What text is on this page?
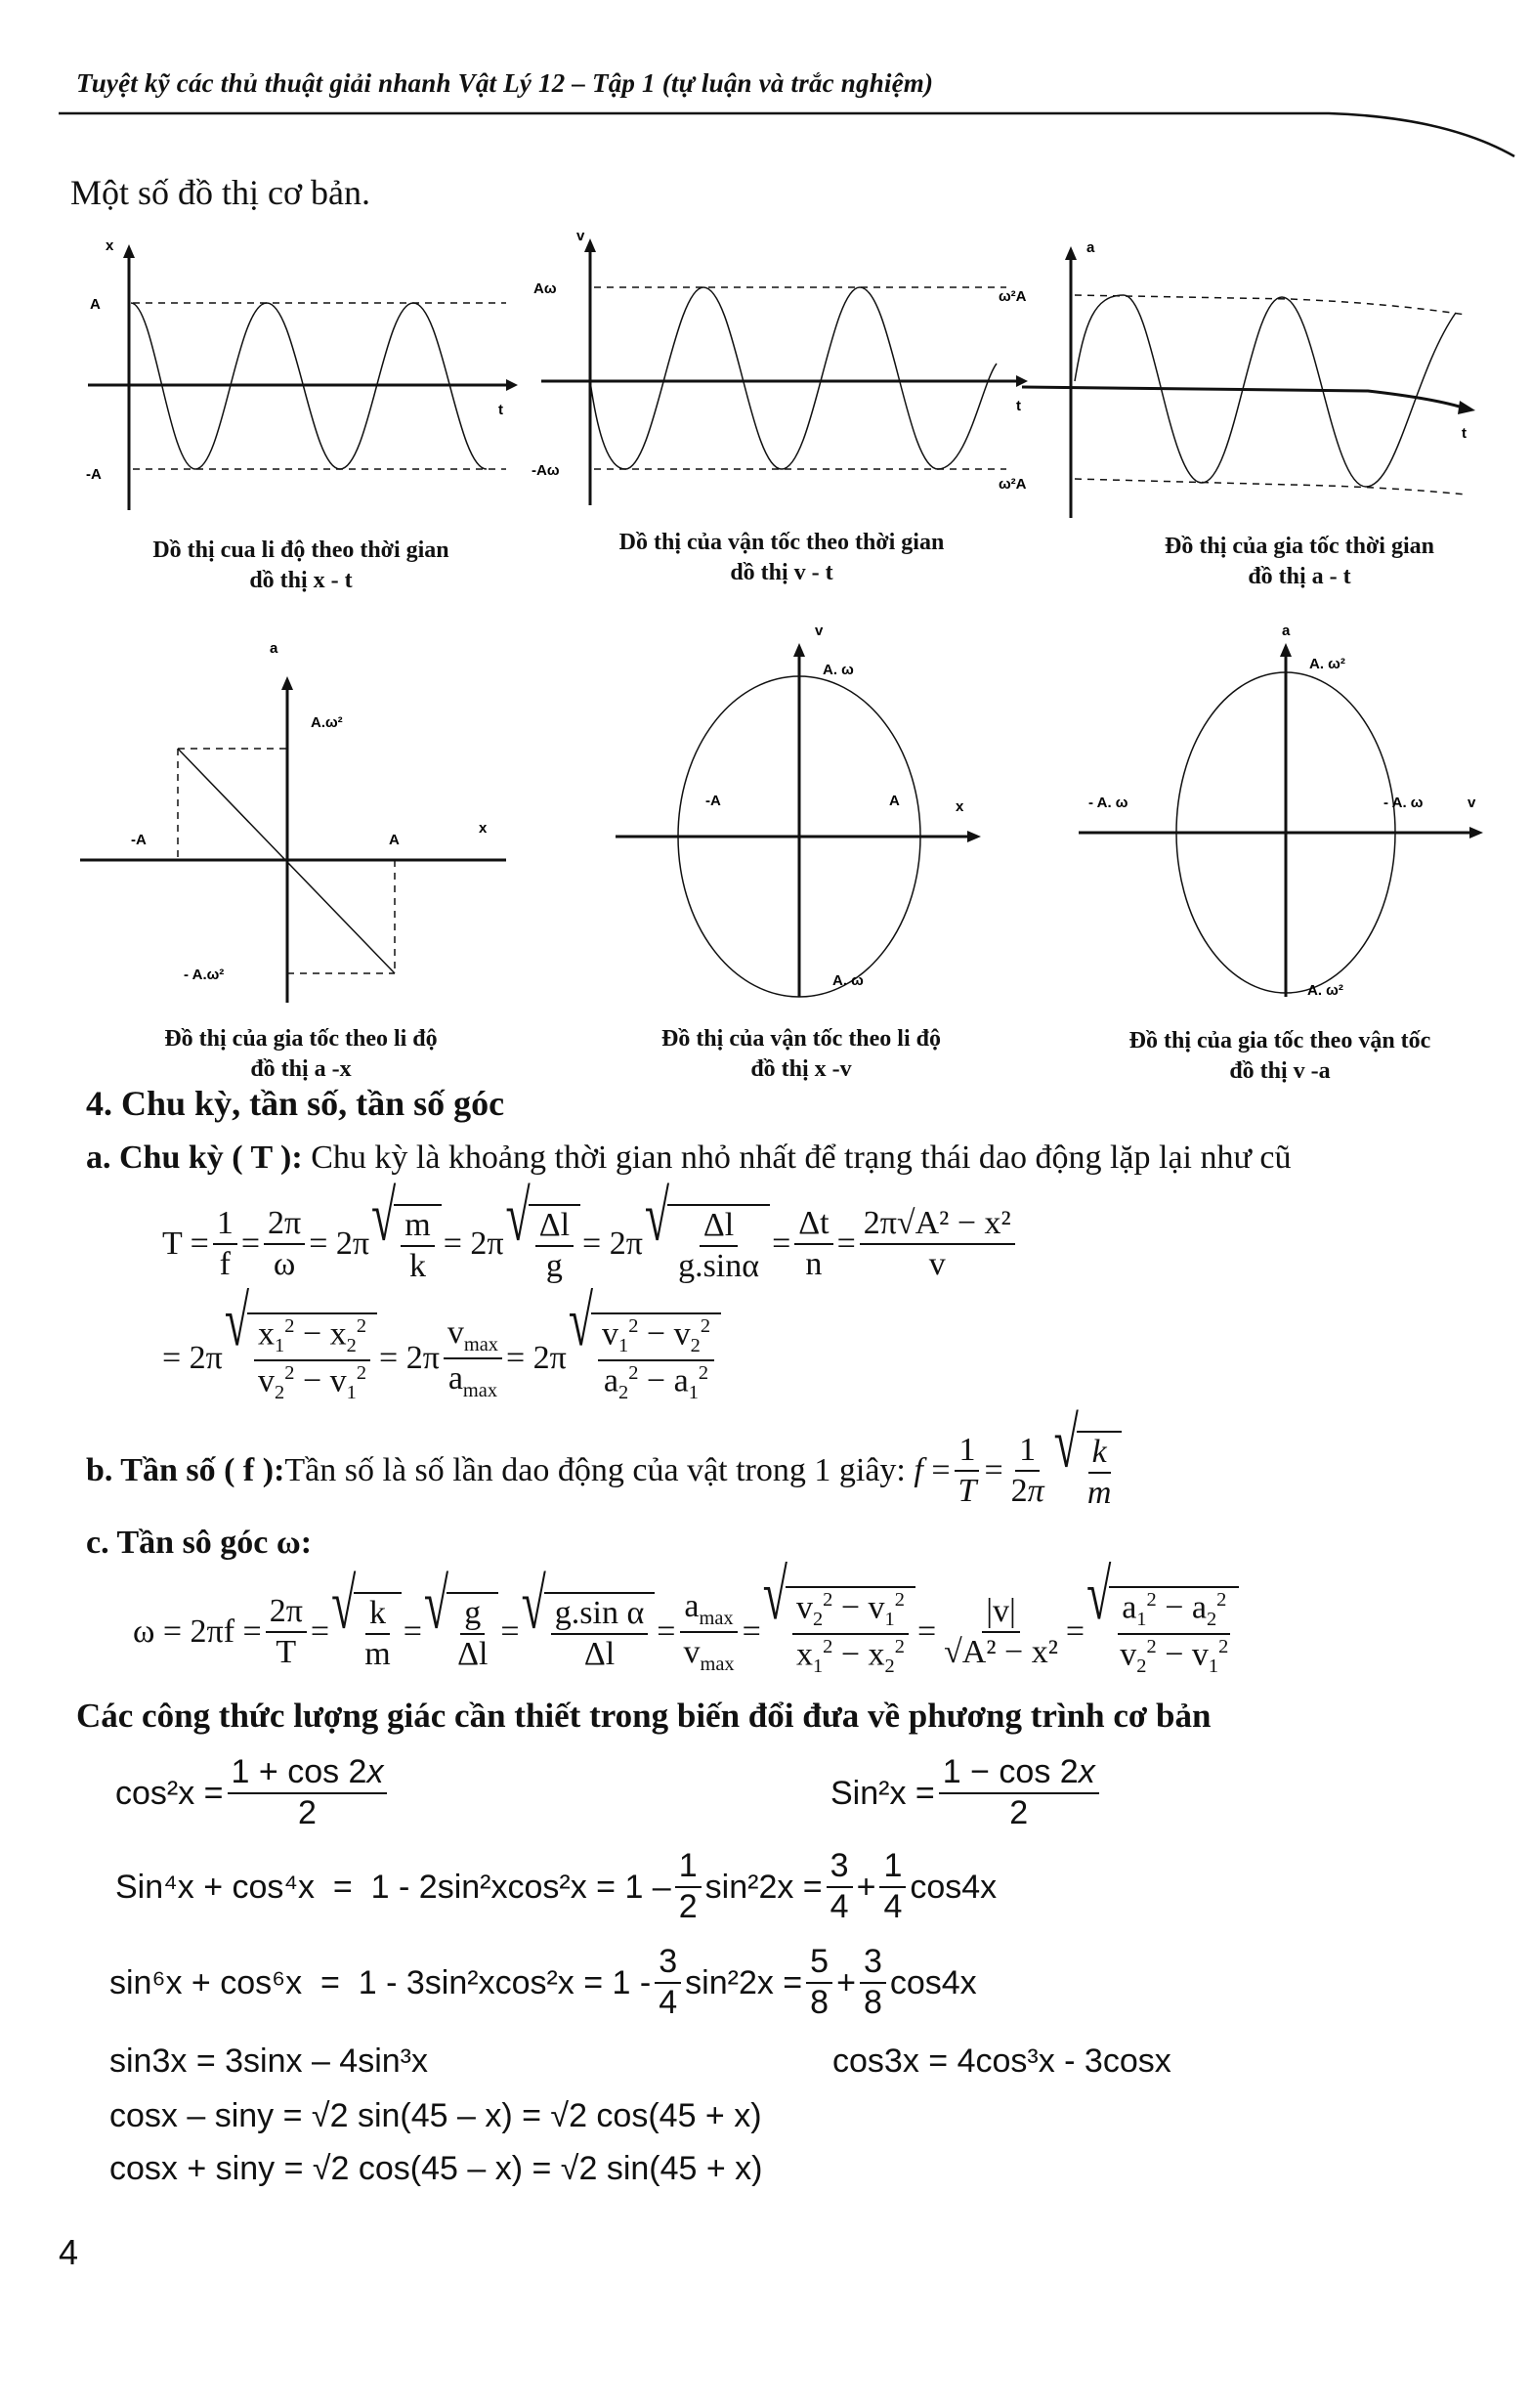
Tuyệt kỹ các thủ thuật giải nhanh Vật Lý 12 – Tập 1 (tự luận và trắc nghiệm)
Một số đồ thị cơ bản.
x
t
A
-A
Dồ thị cua li độ theo thời gian
dồ thị x - t
v
t
Aω
-Aω
Dồ thị của vận tốc theo thời gian
dồ thị v - t
a
t
ω²A
ω²A
Đồ thị của gia tốc thời gian
đồ thị a - t
a
x
A.ω²
- A.ω²
-A	A
Đồ thị của gia tốc theo li độ
đồ thị a -x
v
x
A. ω
A. ω
-A	A
Đồ thị của vận tốc theo li độ
đồ thị x -v
a
v
A. ω²
A. ω²
- A. ω	- A. ω
Đồ thị của gia tốc theo vận tốc
đồ thị v -a
4. Chu kỳ, tần số, tần số góc
a. Chu kỳ ( T ): Chu kỳ là khoảng thời gian nhỏ nhất để trạng thái dao động lặp lại như cũ
$T = \frac{1}{f} = \frac{2\pi}{\omega} = 2\pi$ √ $\frac{m}{k} = 2\pi$ √ $\frac{\Delta l}{g} = 2\pi$ √ $\frac{\Delta l}{g.\sin\alpha} = \frac{\Delta t}{n} = \frac{\text{2π√A² − x²}}{v}$
= 2π √ $\frac{x_1^2 - x_2^2}{v_2^2 - v_1^2} = 2\pi \frac{v_{max}}{a_{max}} = 2\pi$ √ $\frac{v_1^2 - v_2^2}{a_2^2 - a_1^2}$
b. Tần số ( f ): Tần số là số lần dao động của vật trong 1 giây:
$f = \frac{1}{T} = \frac{1}{2\pi}$ √ $\frac{k}{m}$
c. Tần sô góc ω:
$\omega = 2\pi f = \frac{2\pi}{T}$ = √ $\frac{k}{m}$ = √ $\frac{g}{\Delta l}$ = √ $\frac{\text{g.sin α}}{\Delta l} = \frac{a_{max}}{v_{max}}$ = √ $\frac{v_2^2 - v_1^2}{x_1^2 - x_2^2} = \frac{|v|}{\text{√A² − x²}}$ = √ $\frac{a_1^2 - a_2^2}{v_2^2 - v_1^2}$
Các công thức lượng giác cần thiết trong biến đổi đưa về phương trình cơ bản
$\cos^2x = \frac{1 + \cos 2x}{2}$	$Sin^2x = \frac{1 - \cos 2x}{2}$
$Sin^4x + \cos^4x = 1 - 2\sin^2xcos^2x = 1 - \frac{1}{2} \sin^22x = \frac{3}{4} + \frac{1}{4} \cos 4x$
$\sin^6x + \cos^6x = 1 - 3\sin^2xcos^2x = 1 - \frac{3}{4} \sin^22x = \frac{5}{8} + \frac{3}{8} \cos 4x$
sin3x = 3sinx – 4sin³x	cos3x = 4cos³x - 3cosx
cosx – siny = √2 sin(45 – x) = √2 cos(45 + x)
cosx + siny = √2 cos(45 – x) = √2 sin(45 + x)
4
